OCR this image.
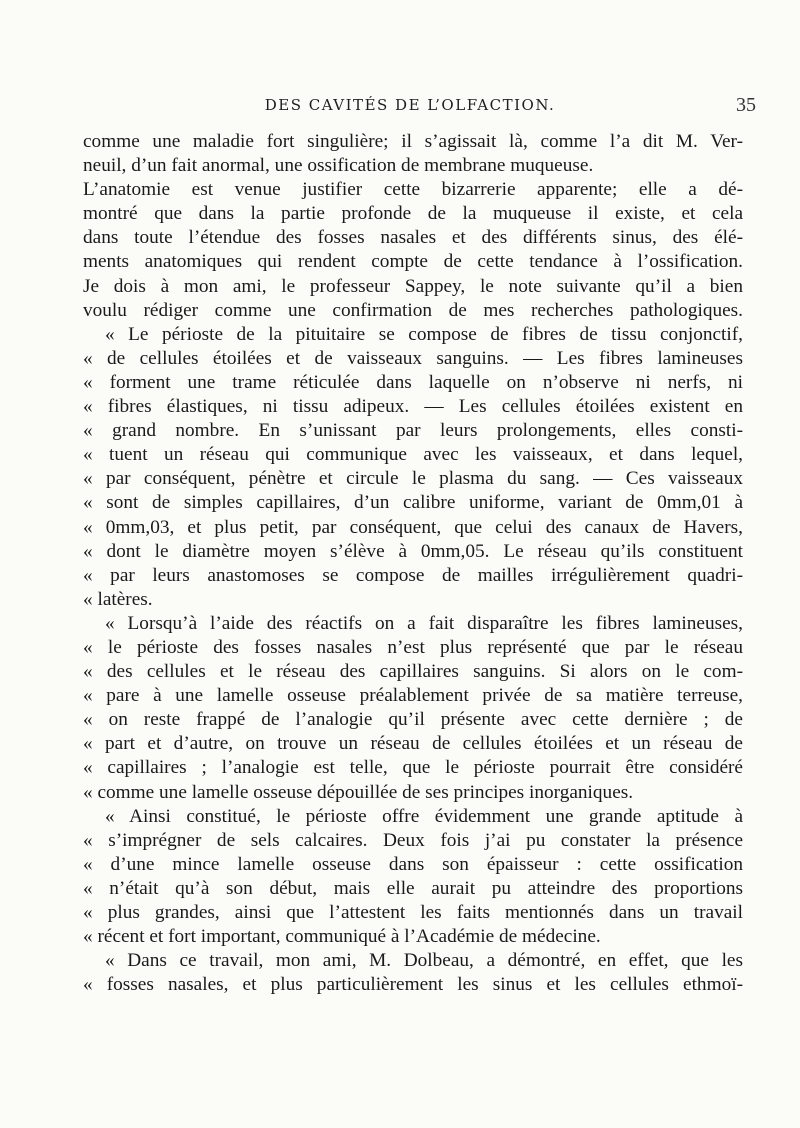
DES CAVITÉS DE L’OLFACTION.	35
comme une maladie fort singulière; il s’agissait là, comme l’a dit M. Ver-
neuil, d’un fait anormal, une ossification de membrane muqueuse.
L’anatomie est venue justifier cette bizarrerie apparente; elle a dé-
montré que dans la partie profonde de la muqueuse il existe, et cela
dans toute l’étendue des fosses nasales et des différents sinus, des élé-
ments anatomiques qui rendent compte de cette tendance à l’ossification.
Je dois à mon ami, le professeur Sappey, le note suivante qu’il a bien
voulu rédiger comme une confirmation de mes recherches pathologiques.
« Le périoste de la pituitaire se compose de fibres de tissu conjonctif,
« de cellules étoilées et de vaisseaux sanguins. — Les fibres lamineuses
« forment une trame réticulée dans laquelle on n’observe ni nerfs, ni
« fibres élastiques, ni tissu adipeux. — Les cellules étoilées existent en
« grand nombre. En s’unissant par leurs prolongements, elles consti-
« tuent un réseau qui communique avec les vaisseaux, et dans lequel,
« par conséquent, pénètre et circule le plasma du sang. — Ces vaisseaux
« sont de simples capillaires, d’un calibre uniforme, variant de 0mm,01 à
« 0mm,03, et plus petit, par conséquent, que celui des canaux de Havers,
« dont le diamètre moyen s’élève à 0mm,05. Le réseau qu’ils constituent
« par leurs anastomoses se compose de mailles irrégulièrement quadri-
« latères.
« Lorsqu’à l’aide des réactifs on a fait disparaître les fibres lamineuses,
« le périoste des fosses nasales n’est plus représenté que par le réseau
« des cellules et le réseau des capillaires sanguins. Si alors on le com-
« pare à une lamelle osseuse préalablement privée de sa matière terreuse,
« on reste frappé de l’analogie qu’il présente avec cette dernière ; de
« part et d’autre, on trouve un réseau de cellules étoilées et un réseau de
« capillaires ; l’analogie est telle, que le périoste pourrait être considéré
« comme une lamelle osseuse dépouillée de ses principes inorganiques.
« Ainsi constitué, le périoste offre évidemment une grande aptitude à
« s’imprégner de sels calcaires. Deux fois j’ai pu constater la présence
« d’une mince lamelle osseuse dans son épaisseur : cette ossification
« n’était qu’à son début, mais elle aurait pu atteindre des proportions
« plus grandes, ainsi que l’attestent les faits mentionnés dans un travail
« récent et fort important, communiqué à l’Académie de médecine.
« Dans ce travail, mon ami, M. Dolbeau, a démontré, en effet, que les
« fosses nasales, et plus particulièrement les sinus et les cellules ethmoï-
